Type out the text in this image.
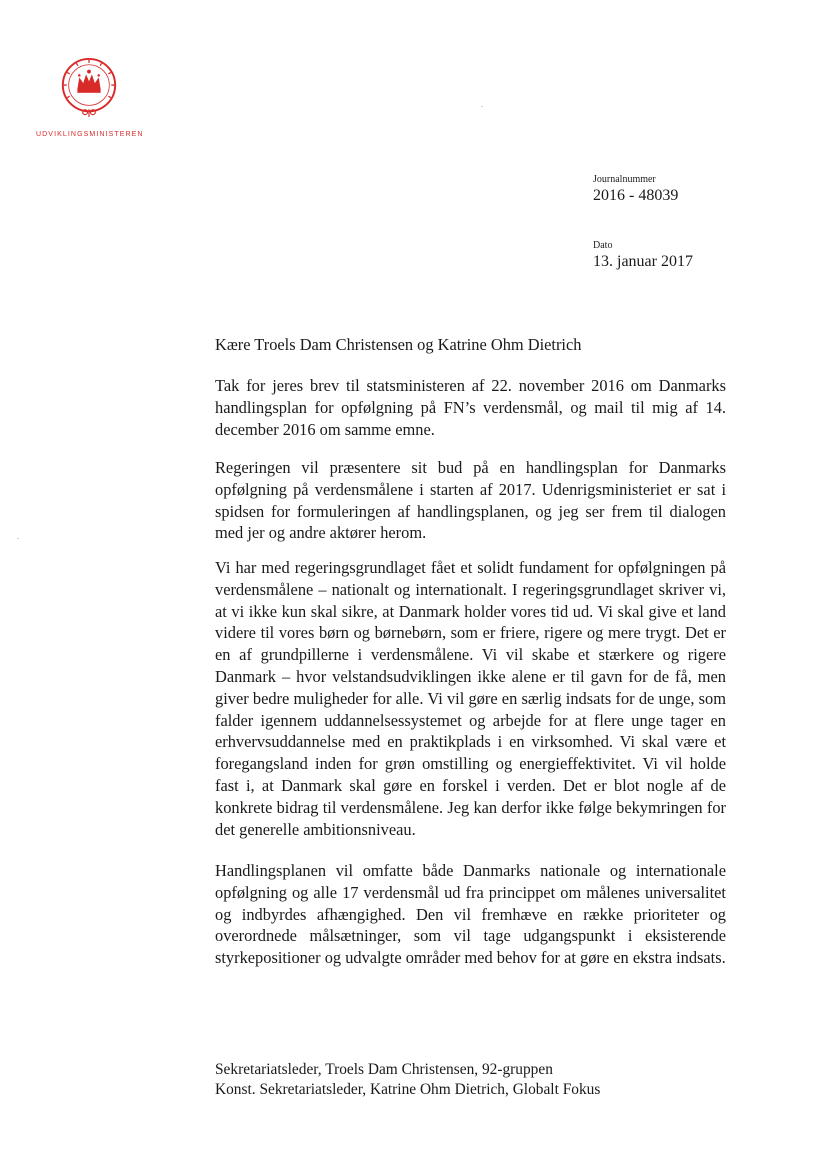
UDVIKLINGSMINISTEREN
Journalnummer
2016 - 48039
Dato
13. januar 2017
Kære Troels Dam Christensen og Katrine Ohm Dietrich
Tak for jeres brev til statsministeren af 22. november 2016 om Danmarks handlingsplan for opfølgning på FN’s verdensmål, og mail til mig af 14. december 2016 om samme emne.
Regeringen vil præsentere sit bud på en handlingsplan for Danmarks opfølgning på verdensmålene i starten af 2017. Udenrigsministeriet er sat i spidsen for formuleringen af handlingsplanen, og jeg ser frem til dialogen med jer og andre aktører herom.
Vi har med regeringsgrundlaget fået et solidt fundament for opfølgningen på verdensmålene – nationalt og internationalt. I regeringsgrundlaget skriver vi, at vi ikke kun skal sikre, at Danmark holder vores tid ud. Vi skal give et land videre til vores børn og børnebørn, som er friere, rigere og mere trygt. Det er en af grundpillerne i verdensmålene. Vi vil skabe et stærkere og rigere Danmark – hvor velstandsudviklingen ikke alene er til gavn for de få, men giver bedre muligheder for alle. Vi vil gøre en særlig indsats for de unge, som falder igennem uddannelsessystemet og arbejde for at flere unge tager en erhvervsuddannelse med en praktikplads i en virksomhed. Vi skal være et foregangsland inden for grøn omstilling og energieffektivitet. Vi vil holde fast i, at Danmark skal gøre en forskel i verden. Det er blot nogle af de konkrete bidrag til verdensmålene. Jeg kan derfor ikke følge bekymringen for det generelle ambitionsniveau.
Handlingsplanen vil omfatte både Danmarks nationale og internationale opfølgning og alle 17 verdensmål ud fra princippet om målenes universalitet og indbyrdes afhængighed. Den vil fremhæve en række prioriteter og overordnede målsætninger, som vil tage udgangspunkt i eksisterende styrkepositioner og udvalgte områder med behov for at gøre en ekstra indsats.
Sekretariatsleder, Troels Dam Christensen, 92-gruppen
Konst. Sekretariatsleder, Katrine Ohm Dietrich, Globalt Fokus
